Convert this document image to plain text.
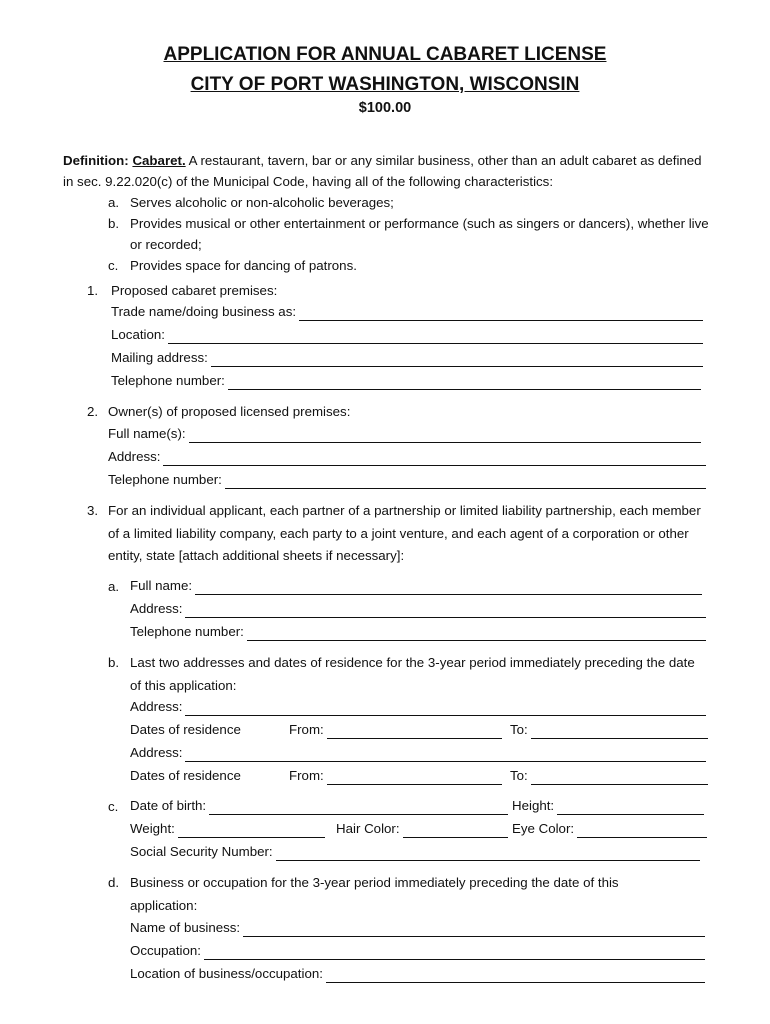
APPLICATION FOR ANNUAL CABARET LICENSE
CITY OF PORT WASHINGTON, WISCONSIN
$100.00
Definition: Cabaret. A restaurant, tavern, bar or any similar business, other than an adult cabaret as defined in sec. 9.22.020(c) of the Municipal Code, having all of the following characteristics:
a. Serves alcoholic or non-alcoholic beverages;
b. Provides musical or other entertainment or performance (such as singers or dancers), whether live or recorded;
c. Provides space for dancing of patrons.
1. Proposed cabaret premises:
Trade name/doing business as:
Location:
Mailing address:
Telephone number:
2. Owner(s) of proposed licensed premises:
Full name(s):
Address:
Telephone number:
3. For an individual applicant, each partner of a partnership or limited liability partnership, each member of a limited liability company, each party to a joint venture, and each agent of a corporation or other entity, state [attach additional sheets if necessary]:
a. Full name:
Address:
Telephone number:
b. Last two addresses and dates of residence for the 3-year period immediately preceding the date of this application:
Address:
Dates of residence	From:	To:
Address:
Dates of residence	From:	To:
c. Date of birth:	Height:
Weight:	Hair Color:	Eye Color:
Social Security Number:
d. Business or occupation for the 3-year period immediately preceding the date of this application:
Name of business:
Occupation:
Location of business/occupation:
